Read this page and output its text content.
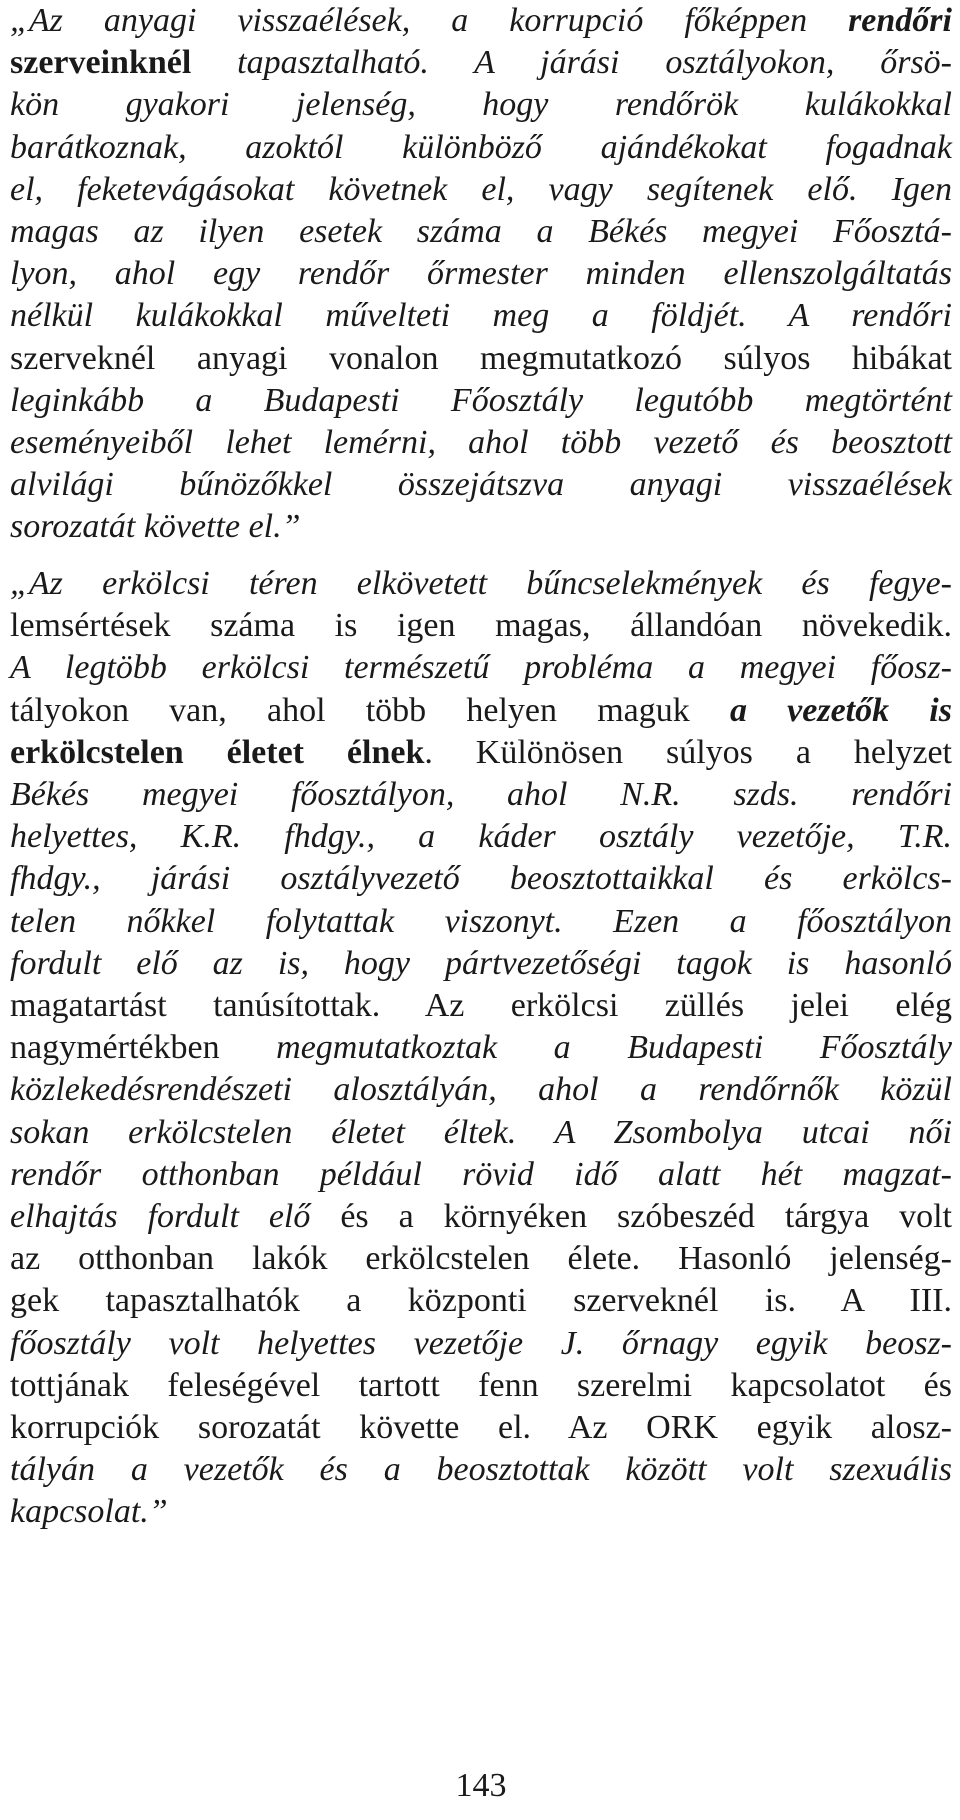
„Az anyagi visszaélések, a korrupció főképpen rendőri
szerveinknél tapasztalható. A járási osztályokon, őrsö-
kön gyakori jelenség, hogy rendőrök kulákokkal
barátkoznak, azoktól különböző ajándékokat fogadnak
el, feketevágásokat követnek el, vagy segítenek elő. Igen
magas az ilyen esetek száma a Békés megyei Főosztá-
lyon, ahol egy rendőr őrmester minden ellenszolgáltatás
nélkül kulákokkal művelteti meg a földjét. A rendőri
szerveknél anyagi vonalon megmutatkozó súlyos hibákat
leginkább a Budapesti Főosztály legutóbb megtörtént
eseményeiből lehet lemérni, ahol több vezető és beosztott
alvilági bűnözőkkel összejátszva anyagi visszaélések
sorozatát követte el.”
„Az erkölcsi téren elkövetett bűncselekmények és fegye-
lemsértések száma is igen magas, állandóan növekedik.
A legtöbb erkölcsi természetű probléma a megyei főosz-
tályokon van, ahol több helyen maguk a vezetők is
erkölcstelen életet élnek. Különösen súlyos a helyzet
Békés megyei főosztályon, ahol N.R. szds. rendőri
helyettes, K.R. fhdgy., a káder osztály vezetője, T.R.
fhdgy., járási osztályvezető beosztottaikkal és erkölcs-
telen nőkkel folytattak viszonyt. Ezen a főosztályon
fordult elő az is, hogy pártvezetőségi tagok is hasonló
magatartást tanúsítottak. Az erkölcsi züllés jelei elég
nagymértékben megmutatkoztak a Budapesti Főosztály
közlekedésrendészeti alosztályán, ahol a rendőrnők közül
sokan erkölcstelen életet éltek. A Zsombolya utcai női
rendőr otthonban például rövid idő alatt hét magzat-
elhajtás fordult elő és a környéken szóbeszéd tárgya volt
az otthonban lakók erkölcstelen élete. Hasonló jelenség-
gek tapasztalhatók a központi szerveknél is. A III.
főosztály volt helyettes vezetője J. őrnagy egyik beosz-
tottjának feleségével tartott fenn szerelmi kapcsolatot és
korrupciók sorozatát követte el. Az ORK egyik alosz-
tályán a vezetők és a beosztottak között volt szexuális
kapcsolat.”
143
